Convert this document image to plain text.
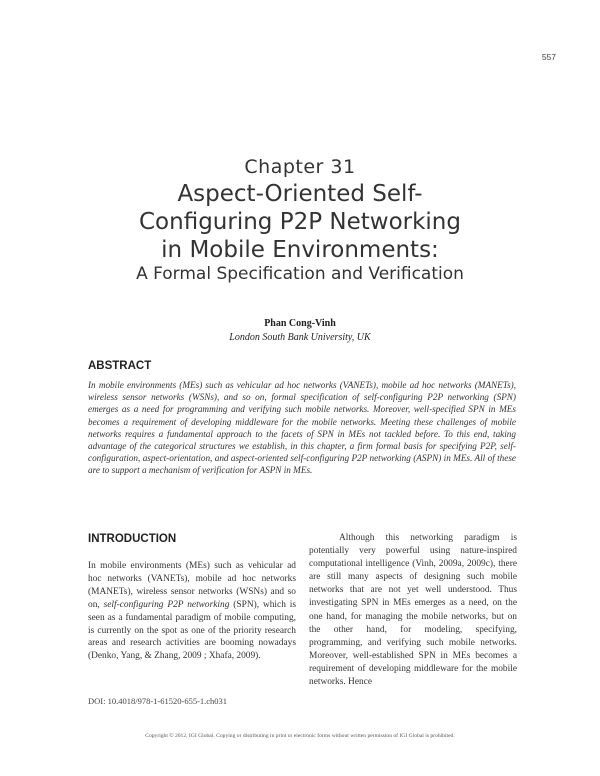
557
Chapter 31
Aspect-Oriented Self-
Configuring P2P Networking
in Mobile Environments:
A Formal Specification and Verification
Phan Cong-Vinh
London South Bank University, UK
ABSTRACT
In mobile environments (MEs) such as vehicular ad hoc networks (VANETs), mobile ad hoc networks (MANETs), wireless sensor networks (WSNs), and so on, formal specification of self-configuring P2P networking (SPN) emerges as a need for programming and verifying such mobile networks. Moreover, well-specified SPN in MEs becomes a requirement of developing middleware for the mobile networks. Meeting these challenges of mobile networks requires a fundamental approach to the facets of SPN in MEs not tackled before. To this end, taking advantage of the categorical structures we establish, in this chapter, a firm formal basis for specifying P2P, self-configuration, aspect-orientation, and aspect-oriented self-configuring P2P networking (ASPN) in MEs. All of these are to support a mechanism of verification for ASPN in MEs.
INTRODUCTION

In mobile environments (MEs) such as vehicular ad hoc networks (VANETs), mobile ad hoc networks (MANETs), wireless sensor networks (WSNs) and so on, self-configuring P2P networking (SPN), which is seen as a fundamental paradigm of mobile computing, is currently on the spot as one of the priority research areas and research activities are booming nowadays (Denko, Yang, & Zhang, 2009 ; Xhafa, 2009).

Although this networking paradigm is potentially very powerful using nature-inspired computational intelligence (Vinh, 2009a, 2009c), there are still many aspects of designing such mobile networks that are not yet well understood. Thus investigating SPN in MEs emerges as a need, on the one hand, for managing the mobile networks, but on the other hand, for modeling, specifying, programming, and verifying such mobile networks. Moreover, well-established SPN in MEs becomes a requirement of developing middleware for the mobile networks. Hence

DOI: 10.4018/978-1-61520-655-1.ch031
Copyright © 2012, IGI Global. Copying or distributing in print or electronic forms without written permission of IGI Global is prohibited.
